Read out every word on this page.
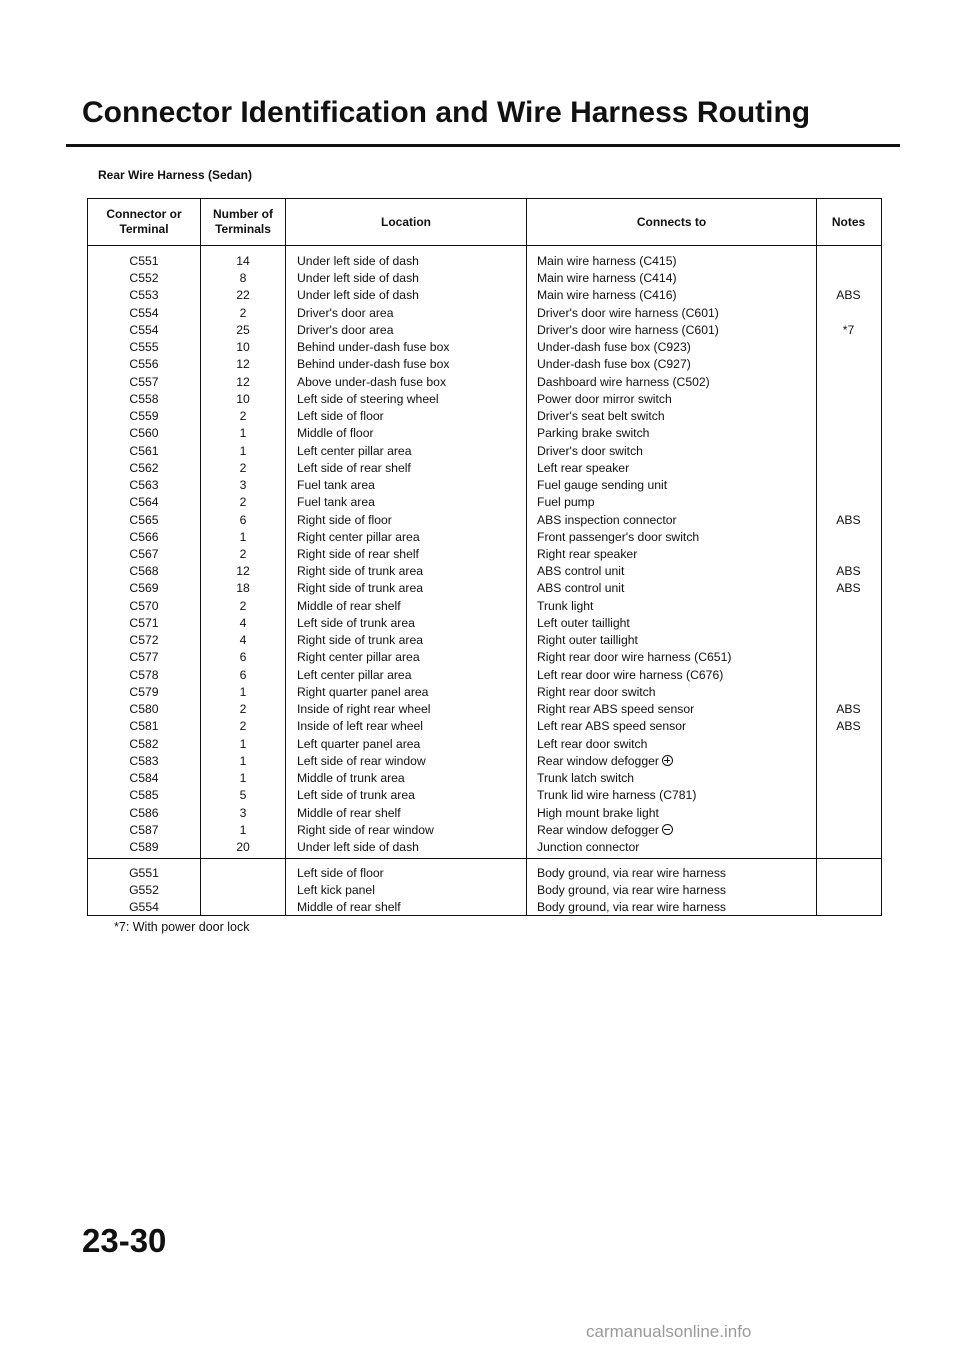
Connector Identification and Wire Harness Routing
Rear Wire Harness (Sedan)
Connector or
Terminal
Number of
Terminals
Location	Connects to	Notes
C551
C552
C553
C554
C554
C555
C556
C557
C558
C559
C560
C561
C562
C563
C564
C565
C566
C567
C568
C569
C570
C571
C572
C577
C578
C579
C580
C581
C582
C583
C584
C585
C586
C587
C589
14
8
22
2
25
10
12
12
10
2
1
1
2
3
2
6
1
2
12
18
2
4
4
6
6
1
2
2
1
1
1
5
3
1
20
Under left side of dash
Under left side of dash
Under left side of dash
Driver's door area
Driver's door area
Behind under-dash fuse box
Behind under-dash fuse box
Above under-dash fuse box
Left side of steering wheel
Left side of floor
Middle of floor
Left center pillar area
Left side of rear shelf
Fuel tank area
Fuel tank area
Right side of floor
Right center pillar area
Right side of rear shelf
Right side of trunk area
Right side of trunk area
Middle of rear shelf
Left side of trunk area
Right side of trunk area
Right center pillar area
Left center pillar area
Right quarter panel area
Inside of right rear wheel
Inside of left rear wheel
Left quarter panel area
Left side of rear window
Middle of trunk area
Left side of trunk area
Middle of rear shelf
Right side of rear window
Under left side of dash
Main wire harness (C415)
Main wire harness (C414)
Main wire harness (C416)
Driver's door wire harness (C601)
Driver's door wire harness (C601)
Under-dash fuse box (C923)
Under-dash fuse box (C927)
Dashboard wire harness (C502)
Power door mirror switch
Driver's seat belt switch
Parking brake switch
Driver's door switch
Left rear speaker
Fuel gauge sending unit
Fuel pump
ABS inspection connector
Front passenger's door switch
Right rear speaker
ABS control unit
ABS control unit
Trunk light
Left outer taillight
Right outer taillight
Right rear door wire harness (C651)
Left rear door wire harness (C676)
Right rear door switch
Right rear ABS speed sensor
Left rear ABS speed sensor
Left rear door switch
Rear window defogger
Trunk latch switch
Trunk lid wire harness (C781)
High mount brake light
Rear window defogger
Junction connector
ABS
*7
ABS
ABS
ABS
ABS
ABS
G551
G552
G554
Left side of floor
Left kick panel
Middle of rear shelf
Body ground, via rear wire harness
Body ground, via rear wire harness
Body ground, via rear wire harness
*7: With power door lock
23-30
carmanualsonline.info
